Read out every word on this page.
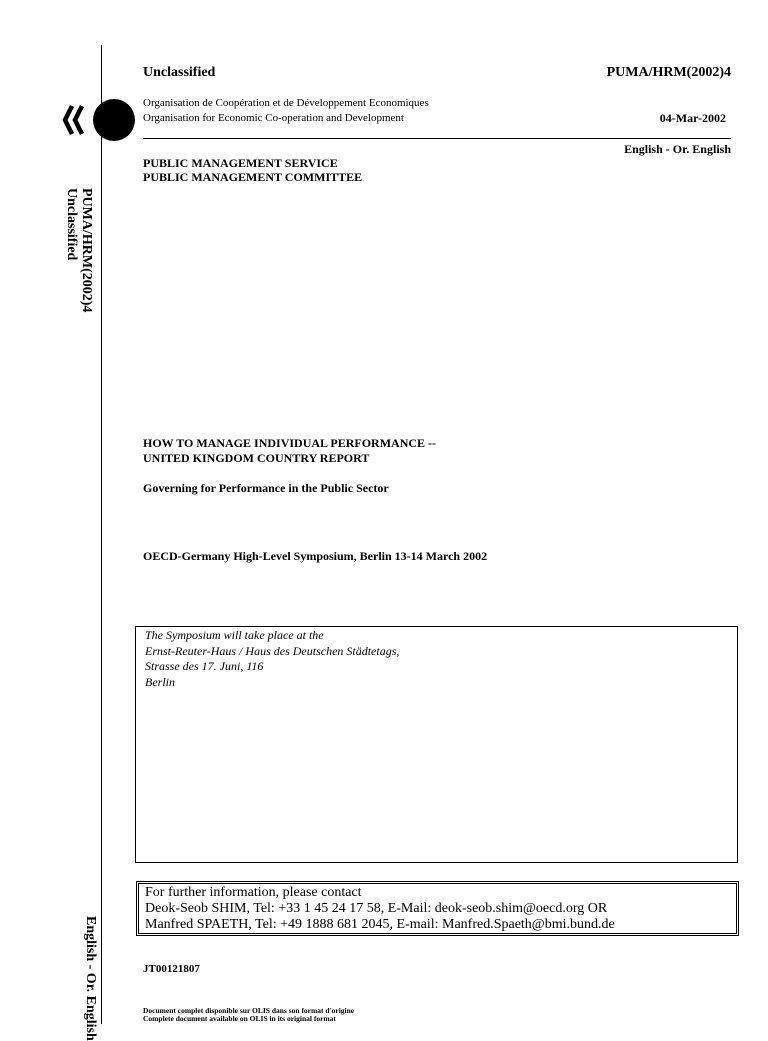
PUMA/HRM(2002)4
Unclassified
English - Or. English
Unclassified	PUMA/HRM(2002)4
Organisation de Coopération et de Développement Economiques
Organisation for Economic Co-operation and Development	04-Mar-2002
English - Or. English
PUBLIC MANAGEMENT SERVICE
PUBLIC MANAGEMENT COMMITTEE
HOW TO MANAGE INDIVIDUAL PERFORMANCE --
UNITED KINGDOM COUNTRY REPORT
Governing for Performance in the Public Sector
OECD-Germany High-Level Symposium, Berlin 13-14 March 2002
The Symposium will take place at the
Ernst-Reuter-Haus / Haus des Deutschen Städtetags,
Strasse des 17. Juni, 116
Berlin
For further information, please contact
Deok-Seob SHIM, Tel: +33 1 45 24 17 58, E-Mail: deok-seob.shim@oecd.org OR
Manfred SPAETH, Tel: +49 1888 681 2045, E-mail: Manfred.Spaeth@bmi.bund.de
JT00121807
Document complet disponible sur OLIS dans son format d'origine
Complete document available on OLIS in its original format
